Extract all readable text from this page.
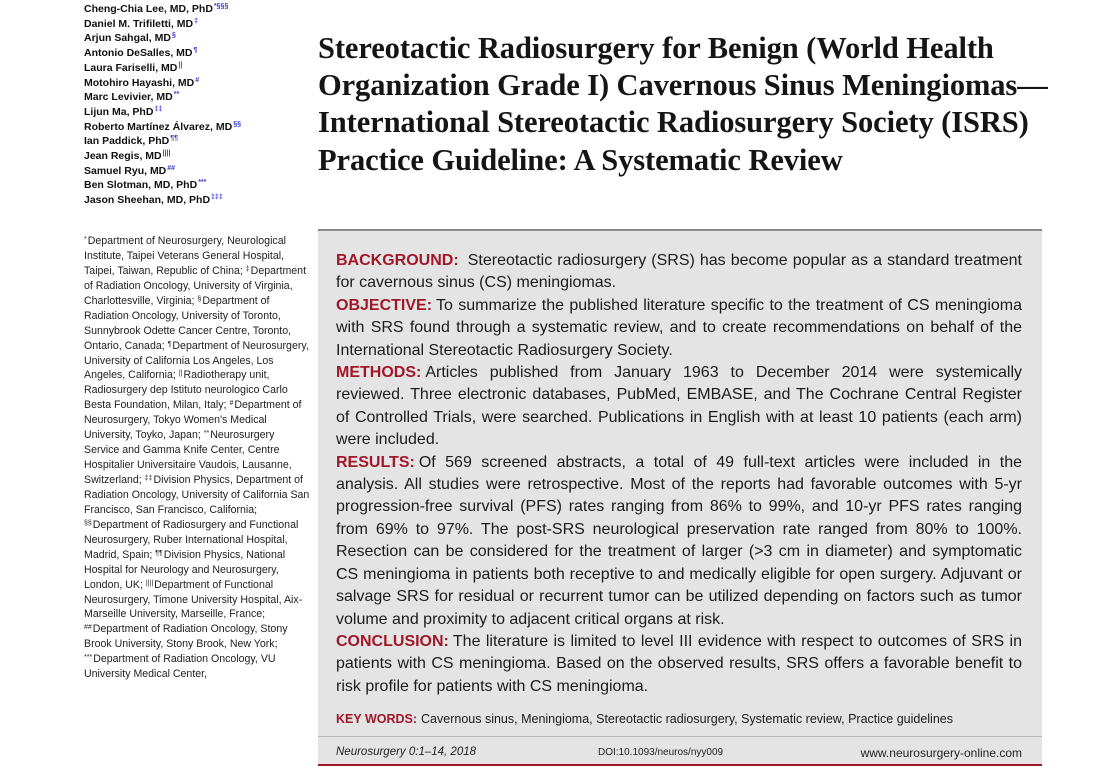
Cheng-Chia Lee, MD, PhD*§§§
Daniel M. Trifiletti, MD‡
Arjun Sahgal, MD§
Antonio DeSalles, MD¶
Laura Fariselli, MD||
Motohiro Hayashi, MD#
Marc Levivier, MD**
Lijun Ma, PhD‡‡
Roberto Martínez Álvarez, MD§§
Ian Paddick, PhD¶¶
Jean Regis, MD||||
Samuel Ryu, MD##
Ben Slotman, MD, PhD***
Jason Sheehan, MD, PhD‡‡‡
*Department of Neurosurgery, Neurological Institute, Taipei Veterans General Hospital, Taipei, Taiwan, Republic of China; ‡Department of Radiation Oncology, University of Virginia, Charlottesville, Virginia; §Department of Radiation Oncology, University of Toronto, Sunnybrook Odette Cancer Centre, Toronto, Ontario, Canada; ¶Department of Neurosurgery, University of California Los Angeles, Los Angeles, California; ||Radiotherapy unit, Radiosurgery dep Istituto neurologico Carlo Besta Foundation, Milan, Italy; #Department of Neurosurgery, Tokyo Women's Medical University, Toyko, Japan; **Neurosurgery Service and Gamma Knife Center, Centre Hospitalier Universitaire Vaudois, Lausanne, Switzerland; ‡‡Division Physics, Department of Radiation Oncology, University of California San Francisco, San Francisco, California; §§Department of Radiosurgery and Functional Neurosurgery, Ruber International Hospital, Madrid, Spain; ¶¶Division Physics, National Hospital for Neurology and Neurosurgery, London, UK; ||||Department of Functional Neurosurgery, Timone University Hospital, Aix-Marseille University, Marseille, France; ##Department of Radiation Oncology, Stony Brook University, Stony Brook, New York; ***Department of Radiation Oncology, VU University Medical Center,
Stereotactic Radiosurgery for Benign (World Health Organization Grade I) Cavernous Sinus Meningiomas—International Stereotactic Radiosurgery Society (ISRS) Practice Guideline: A Systematic Review

BACKGROUND: Stereotactic radiosurgery (SRS) has become popular as a standard treatment for cavernous sinus (CS) meningiomas.

OBJECTIVE: To summarize the published literature specific to the treatment of CS meningioma with SRS found through a systematic review, and to create recommendations on behalf of the International Stereotactic Radiosurgery Society.

METHODS: Articles published from January 1963 to December 2014 were systemically reviewed. Three electronic databases, PubMed, EMBASE, and The Cochrane Central Register of Controlled Trials, were searched. Publications in English with at least 10 patients (each arm) were included.

RESULTS: Of 569 screened abstracts, a total of 49 full-text articles were included in the analysis. All studies were retrospective. Most of the reports had favorable outcomes with 5-yr progression-free survival (PFS) rates ranging from 86% to 99%, and 10-yr PFS rates ranging from 69% to 97%. The post-SRS neurological preservation rate ranged from 80% to 100%. Resection can be considered for the treatment of larger (>3 cm in diameter) and symptomatic CS meningioma in patients both receptive to and medically eligible for open surgery. Adjuvant or salvage SRS for residual or recurrent tumor can be utilized depending on factors such as tumor volume and proximity to adjacent critical organs at risk.

CONCLUSION: The literature is limited to level III evidence with respect to outcomes of SRS in patients with CS meningioma. Based on the observed results, SRS offers a favorable benefit to risk profile for patients with CS meningioma.

KEY WORDS: Cavernous sinus, Meningioma, Stereotactic radiosurgery, Systematic review, Practice guidelines
Neurosurgery 0:1–14, 2018	DOI:10.1093/neuros/nyy009	www.neurosurgery-online.com
